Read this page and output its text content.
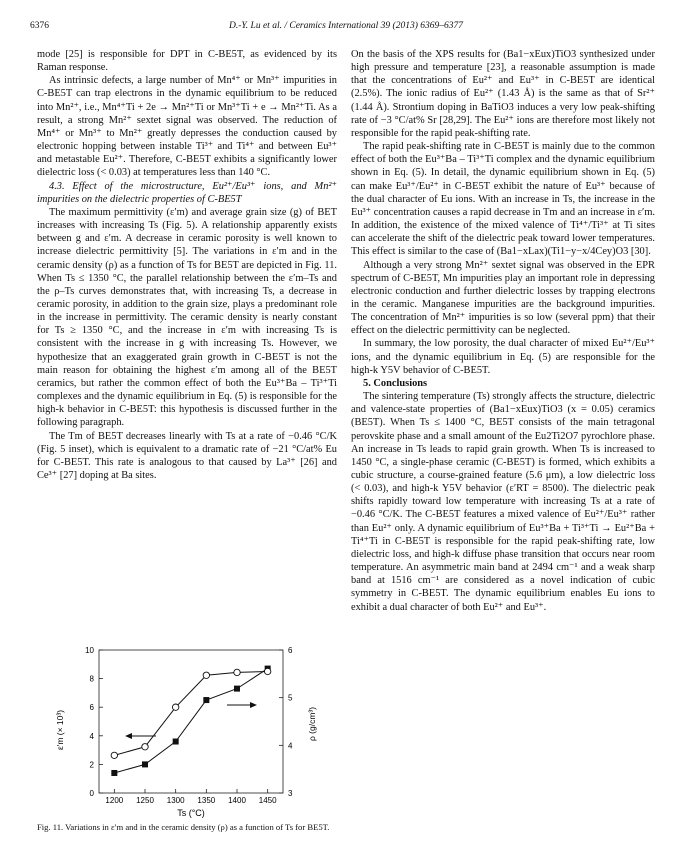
6376	D.-Y. Lu et al. / Ceramics International 39 (2013) 6369–6377

mode [25] is responsible for DPT in C-BE5T, as evidenced by its Raman response.

As intrinsic defects, a large number of Mn⁴⁺ or Mn³⁺ impurities in C-BE5T can trap electrons in the dynamic equilibrium to be reduced into Mn²⁺, i.e., Mn⁴⁺Ti + 2e → Mn²⁺Ti or Mn³⁺Ti + e → Mn²⁺Ti. As a result, a strong Mn²⁺ sextet signal was observed. The reduction of Mn⁴⁺ or Mn³⁺ to Mn²⁺ greatly depresses the conduction caused by electronic hopping between instable Ti³⁺ and Ti⁴⁺ and between Eu³⁺ and metastable Eu²⁺. Therefore, C-BE5T exhibits a significantly lower dielectric loss (< 0.03) at temperatures less than 140 °C.

4.3. Effect of the microstructure, Eu²⁺/Eu³⁺ ions, and Mn²⁺ impurities on the dielectric properties of C-BE5T

The maximum permittivity (ε′m) and average grain size (g) of BET increases with increasing Ts (Fig. 5). A relationship apparently exists between g and ε′m. A decrease in ceramic porosity is well known to increase dielectric permittivity [5]. The variations in ε′m and in the ceramic density (ρ) as a function of Ts for BE5T are depicted in Fig. 11. When Ts ≤ 1350 °C, the parallel relationship between the ε′m–Ts and the ρ–Ts curves demonstrates that, with increasing Ts, a decrease in ceramic porosity, in addition to the grain size, plays a predominant role in the increase in permittivity. The ceramic density is nearly constant for Ts ≥ 1350 °C, and the increase in ε′m with increasing Ts is consistent with the increase in g with increasing Ts. However, we hypothesize that an exaggerated grain growth in C-BE5T is not the main reason for obtaining the highest ε′m among all of the BE5T ceramics, but rather the common effect of both the Eu³⁺Ba – Ti³⁺Ti complexes and the dynamic equilibrium in Eq. (5) is responsible for the high-k behavior in C-BE5T: this hypothesis is discussed further in the following paragraph.

The Tm of BE5T decreases linearly with Ts at a rate of −0.46 °C/K (Fig. 5 inset), which is equivalent to a dramatic rate of −21 °C/at% Eu for C-BE5T. This rate is analogous to that caused by La³⁺ [26] and Ce³⁺ [27] doping at Ba sites.

1200 1250 1300 1350 1400 1450
0
2
4
6
8
10
3
4
5
6
ε′m (× 10³)	ρ (g/cm³)
Ts (°C)
Fig. 11. Variations in ε′m and in the ceramic density (ρ) as a function of Ts for BE5T.

On the basis of the XPS results for (Ba1−xEux)TiO3 synthesized under high pressure and temperature [23], a reasonable assumption is made that the concentrations of Eu²⁺ and Eu³⁺ in C-BE5T are identical (2.5%). The ionic radius of Eu²⁺ (1.43 Å) is the same as that of Sr²⁺ (1.44 Å). Strontium doping in BaTiO3 induces a very low peak-shifting rate of −3 °C/at% Sr [28,29]. The Eu²⁺ ions are therefore most likely not responsible for the rapid peak-shifting rate.

The rapid peak-shifting rate in C-BE5T is mainly due to the common effect of both the Eu³⁺Ba – Ti³⁺Ti complex and the dynamic equilibrium shown in Eq. (5). In detail, the dynamic equilibrium shown in Eq. (5) can make Eu³⁺/Eu²⁺ in C-BE5T exhibit the nature of Eu³⁺ because of the dual character of Eu ions. With an increase in Ts, the increase in the Eu³⁺ concentration causes a rapid decrease in Tm and an increase in ε′m. In addition, the existence of the mixed valence of Ti⁴⁺/Ti³⁺ at Ti sites can accelerate the shift of the dielectric peak toward lower temperatures. This effect is similar to the case of (Ba1−xLax)(Ti1−y−x/4Cey)O3 [30].

Although a very strong Mn²⁺ sextet signal was observed in the EPR spectrum of C-BE5T, Mn impurities play an important role in depressing electronic conduction and further dielectric losses by trapping electrons in the ceramic. Manganese impurities are the background impurities. The concentration of Mn²⁺ impurities is so low (several ppm) that their effect on the dielectric permittivity can be neglected.

In summary, the low porosity, the dual character of mixed Eu²⁺/Eu³⁺ ions, and the dynamic equilibrium in Eq. (5) are responsible for the high-k Y5V behavior of C-BE5T.

5. Conclusions

The sintering temperature (Ts) strongly affects the structure, dielectric and valence-state properties of (Ba1−xEux)TiO3 (x = 0.05) ceramics (BE5T). When Ts ≤ 1400 °C, BE5T consists of the main tetragonal perovskite phase and a small amount of the Eu2Ti2O7 pyrochlore phase. An increase in Ts leads to rapid grain growth. When Ts is increased to 1450 °C, a single-phase ceramic (C-BE5T) is formed, which exhibits a cubic structure, a course-grained feature (5.6 μm), a low dielectric loss (< 0.03), and high-k Y5V behavior (ε′RT = 8500). The dielectric peak shifts rapidly toward low temperature with increasing Ts at a rate of −0.46 °C/K. The C-BE5T features a mixed valence of Eu²⁺/Eu³⁺ rather than Eu²⁺ only. A dynamic equilibrium of Eu³⁺Ba + Ti³⁺Ti → Eu²⁺Ba + Ti⁴⁺Ti in C-BE5T is responsible for the rapid peak-shifting rate, low dielectric loss, and high-k diffuse phase transition that occurs near room temperature. An asymmetric main band at 2494 cm⁻¹ and a weak sharp band at 1516 cm⁻¹ are considered as a novel indication of cubic symmetry in C-BE5T. The dynamic equilibrium enables Eu ions to exhibit a dual character of both Eu²⁺ and Eu³⁺.
